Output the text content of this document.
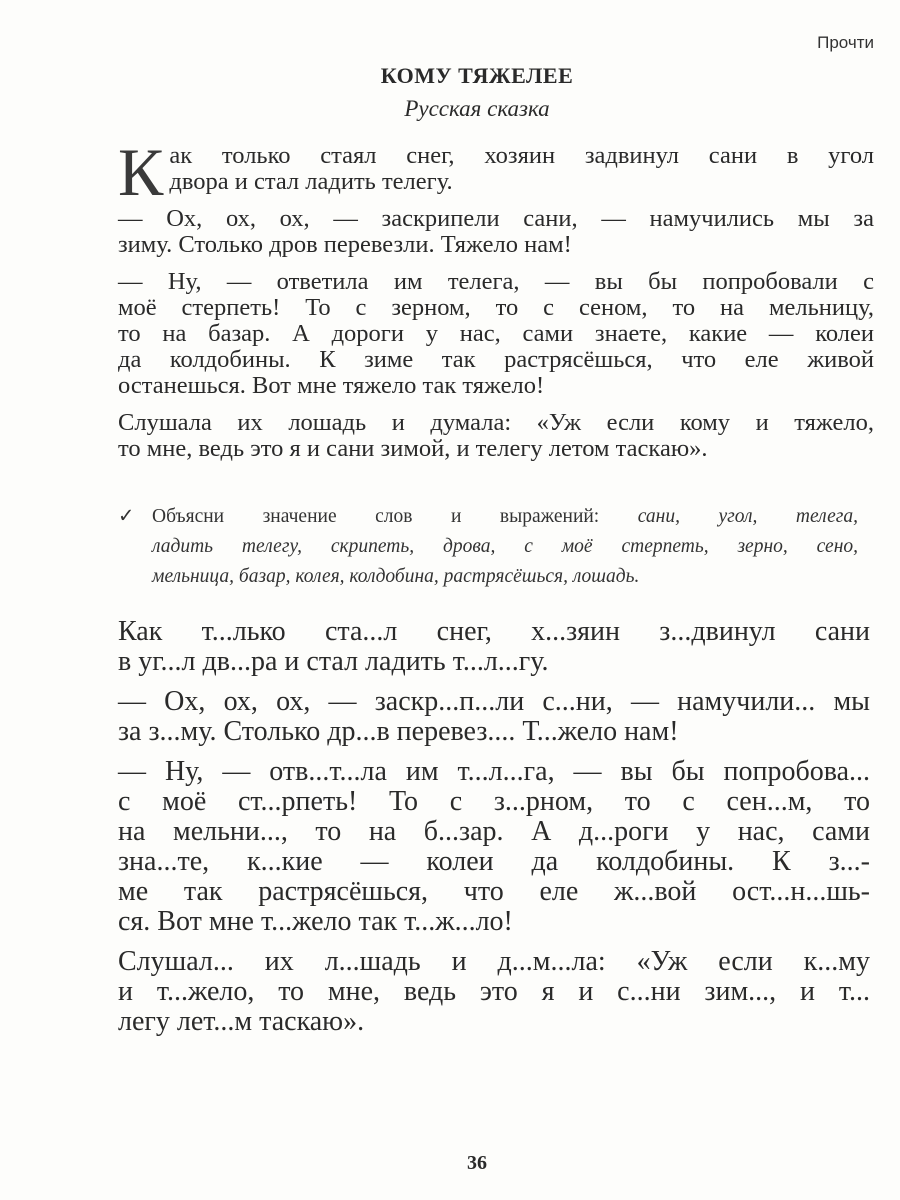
Прочти
КОМУ ТЯЖЕЛЕЕ
Русская сказка
К ак только стаял снег, хозяин задвинул сани в угол
двора и стал ладить телегу.
— Ох, ох, ох, — заскрипели сани, — намучились мы за
зиму. Столько дров перевезли. Тяжело нам!
— Ну, — ответила им телега, — вы бы попробовали с
моё стерпеть! То с зерном, то с сеном, то на мельницу,
то на базар. А дороги у нас, сами знаете, какие — колеи
да колдобины. К зиме так растрясёшься, что еле живой
останешься. Вот мне тяжело так тяжело!
Слушала их лошадь и думала: «Уж если кому и тяжело,
то мне, ведь это я и сани зимой, и телегу летом таскаю».
✓ Объясни значение слов и выражений: сани, угол, телега,
ладить телегу, скрипеть, дрова, с моё стерпеть, зерно, сено,
мельница, базар, колея, колдобина, растрясёшься, лошадь.
Как т...лько ста...л снег, х...зяин з...двинул сани
в уг...л дв...ра и стал ладить т...л...гу.
— Ох, ох, ох, — заскр...п...ли с...ни, — намучили... мы
за з...му. Столько др...в перевез.... Т...жело нам!
— Ну, — отв...т...ла им т...л...га, — вы бы попробова...
с моё ст...рпеть! То с з...рном, то с сен...м, то
на мельни..., то на б...зар. А д...роги у нас, сами
зна...те, к...кие — колеи да колдобины. К з...-
ме так растрясёшься, что еле ж...вой ост...н...шь-
ся. Вот мне т...жело так т...ж...ло!
Слушал... их л...шадь и д...м...ла: «Уж если к...му
и т...жело, то мне, ведь это я и с...ни зим..., и т...
легу лет...м таскаю».
36
